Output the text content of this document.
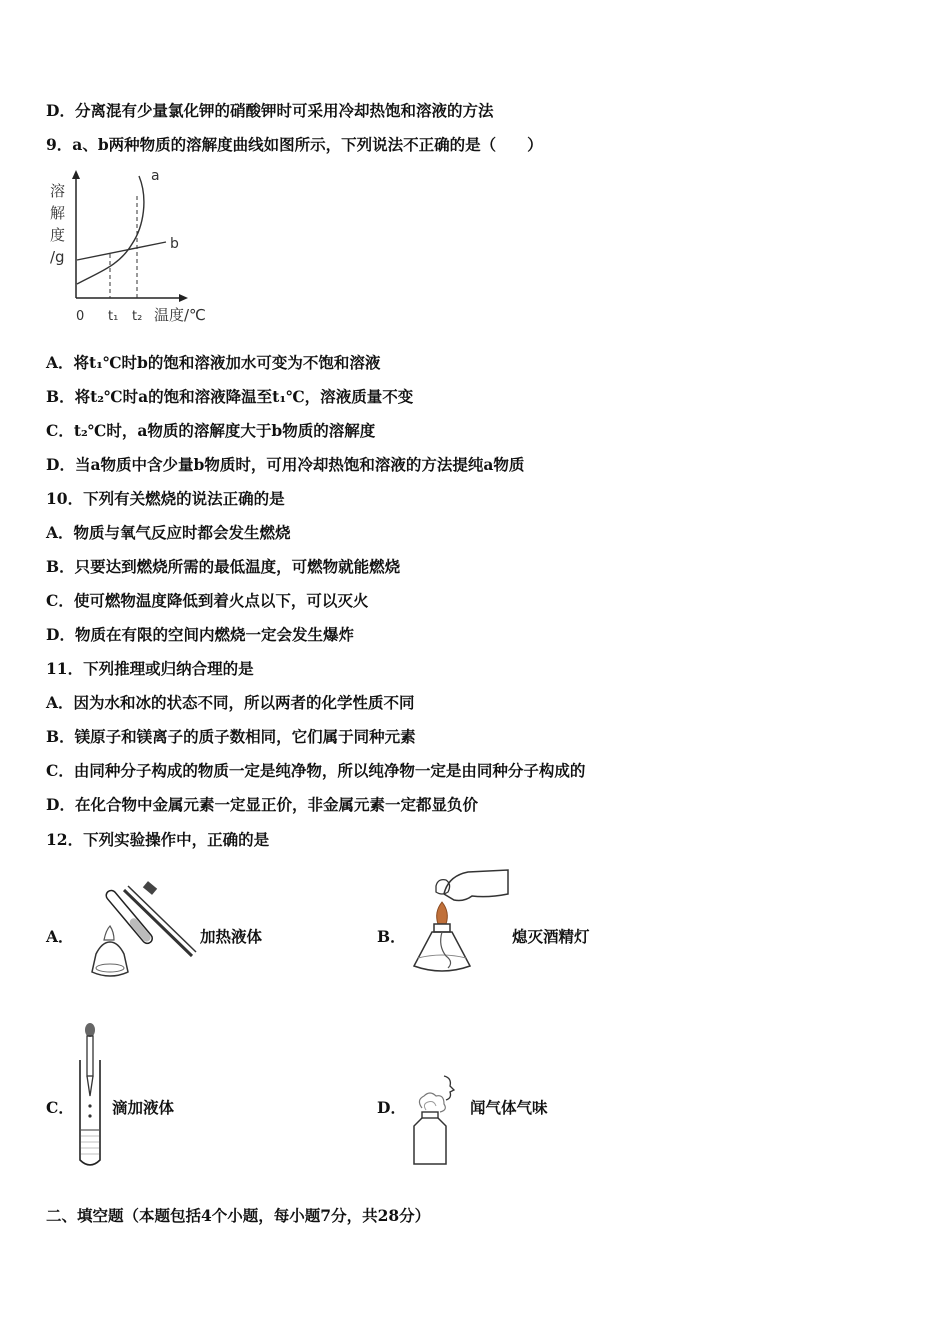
D．分离混有少量氯化钾的硝酸钾时可采用冷却热饱和溶液的方法
9．a、b两种物质的溶解度曲线如图所示，下列说法不正确的是（　　）
溶
解
度
/g
a
b
0 t₁ t₂ 温度/℃
A．将t₁℃时b的饱和溶液加水可变为不饱和溶液
B．将t₂℃时a的饱和溶液降温至t₁℃，溶液质量不变
C．t₂℃时，a物质的溶解度大于b物质的溶解度
D．当a物质中含少量b物质时，可用冷却热饱和溶液的方法提纯a物质
10．下列有关燃烧的说法正确的是
A．物质与氧气反应时都会发生燃烧
B．只要达到燃烧所需的最低温度，可燃物就能燃烧
C．使可燃物温度降低到着火点以下，可以灭火
D．物质在有限的空间内燃烧一定会发生爆炸
11．下列推理或归纳合理的是
A．因为水和冰的状态不同，所以两者的化学性质不同
B．镁原子和镁离子的质子数相同，它们属于同种元素
C．由同种分子构成的物质一定是纯净物，所以纯净物一定是由同种分子构成的
D．在化合物中金属元素一定显正价，非金属元素一定都显负价
12．下列实验操作中，正确的是
A．	加热液体	B．	熄灭酒精灯
C． 滴加液体	D．	闻气体气味
二、填空题（本题包括4个小题，每小题7分，共28分）
